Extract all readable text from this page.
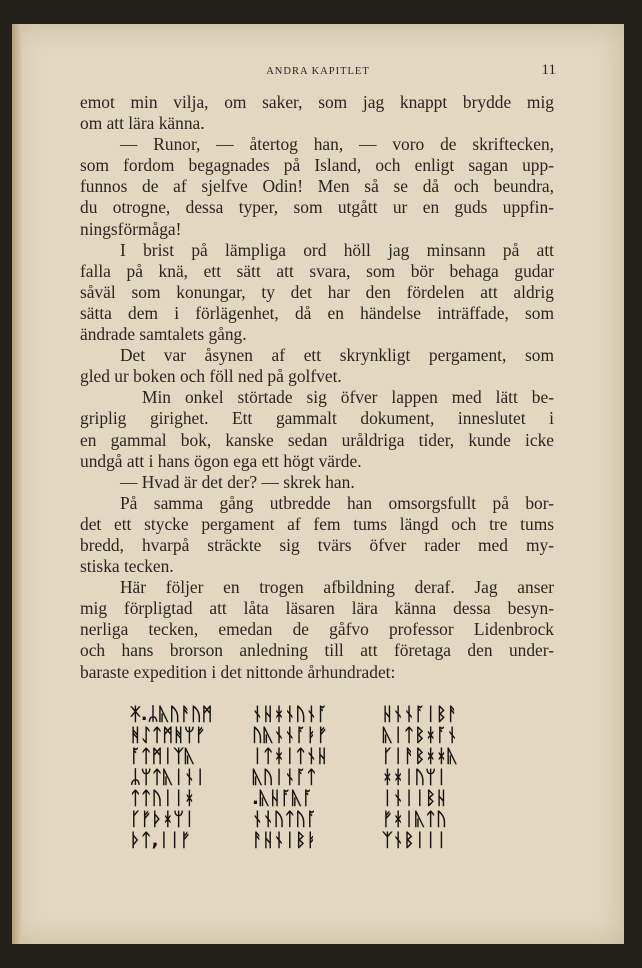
ANDRA KAPITLET	11
emot min vilja, om saker, som jag knappt brydde mig
om att lära känna.
— Runor, — återtog han, — voro de skriftecken,
som fordom begagnades på Island, och enligt sagan upp-
funnos de af sjelfve Odin! Men så se då och beundra,
du otrogne, dessa typer, som utgått ur en guds uppfin-
ningsförmåga!
I brist på lämpliga ord höll jag minsann på att
falla på knä, ett sätt att svara, som bör behaga gudar
såväl som konungar, ty det har den fördelen att aldrig
sätta dem i förlägenhet, då en händelse inträffade, som
ändrade samtalets gång.
Det var åsynen af ett skrynkligt pergament, som
gled ur boken och föll ned på golfvet.
Min onkel störtade sig öfver lappen med lätt be-
griplig girighet. Ett gammalt dokument, inneslutet i
en gammal bok, kanske sedan uråldriga tider, kunde icke
undgå att i hans ögon ega ett högt värde.
— Hvad är det der? — skrek han.
På samma gång utbredde han omsorgsfullt på bor-
det ett stycke pergament af fem tums längd och tre tums
bredd, hvarpå sträckte sig tvärs öfver rader med my-
stiska tecken.
Här följer en trogen afbildning deraf. Jag anser
mig förpligtad att låta läsaren lära känna dessa besyn-
nerliga tecken, emedan de gåfvo professor Lidenbrock
och hans brorson anledning till att företaga den under-
baraste expedition i det nittonde århundradet:
ᛡ.ᛦᚣᚢᚨᚢᛗ
ᚻᛇᛏᛗᚻᛘᚠ
ᚪᛏᛗᛁᛉᚣ
ᛦᛘᛏᚣᛁᚾᛁ
ᛏᛏᚢᛁᛁᚼ
ᚴᚠᚦᚼᛘᛁ
ᚦᛏ,ᛁᛁᚠ
ᚾᚺᚼᚾᚢᚾᚪ
ᚢᚣᚾᚾᚪᛓᚠ
ᛁᛏᚼᛁᛏᚾᚺ
ᚣᚢᛁᚾᚪᛏ
.ᚣᚺᚪᚣᚪ
ᚾᚾᚢᛏᚢᚪ
ᚨᚺᚾᛁᛒᛓ
ᚺᚾᚾᚪᛁᛒᚨ
ᚣᛁᛏᛒᚼᚪᚾ
ᚴᛁᚨᛒᚼᚼᚣ
ᚼᚼᛁᚢᛘᛁ
ᛁᚾᛁᛁᛒᚺ
ᚠᚼᛁᚣᛏᚢ
ᛉᚾᛒᛁᛁᛁ
